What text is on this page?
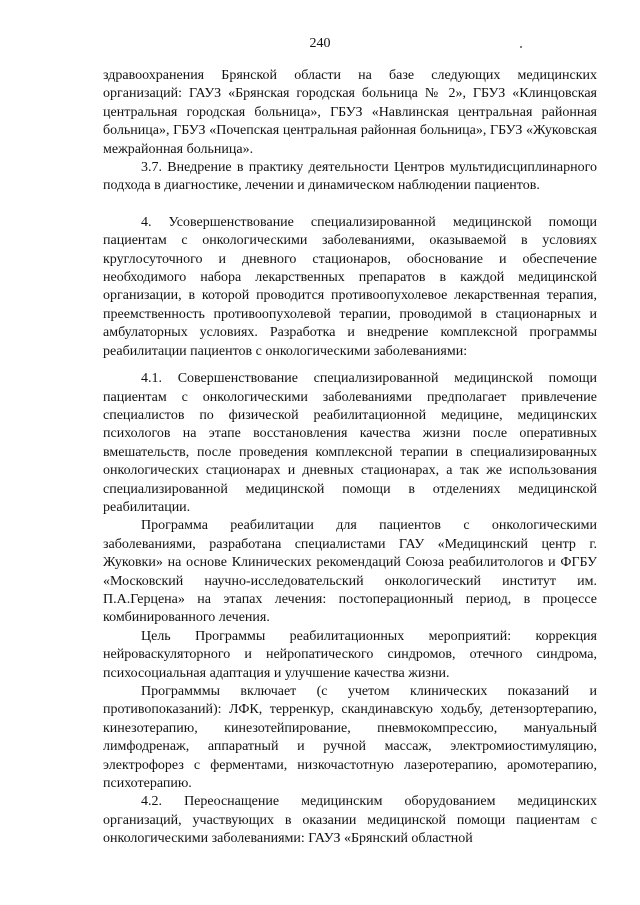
240

здравоохранения Брянской области на базе следующих медицинских организаций: ГАУЗ «Брянская городская больница № 2», ГБУЗ «Клинцовская центральная городская больница», ГБУЗ «Навлинская центральная районная больница», ГБУЗ «Почепская центральная районная больница», ГБУЗ «Жуковская межрайонная больница».

3.7. Внедрение в практику деятельности Центров мультидисциплинарного подхода в диагностике, лечении и динамическом наблюдении пациентов.

4. Усовершенствование специализированной медицинской помощи пациентам с онкологическими заболеваниями, оказываемой в условиях круглосуточного и дневного стационаров, обоснование и обеспечение необходимого набора лекарственных препаратов в каждой медицинской организации, в которой проводится противоопухолевое лекарственная терапия, преемственность противоопухолевой терапии, проводимой в стационарных и амбулаторных условиях. Разработка и внедрение комплексной программы реабилитации пациентов с онкологическими заболеваниями:

4.1. Совершенствование специализированной медицинской помощи пациентам с онкологическими заболеваниями предполагает привлечение специалистов по физической реабилитационной медицине, медицинских психологов на этапе восстановления качества жизни после оперативных вмешательств, после проведения комплексной терапии в специализированных онкологических стационарах и дневных стационарах, а так же использования специализированной медицинской помощи в отделениях медицинской реабилитации.

Программа реабилитации для пациентов с онкологическими заболеваниями, разработана специалистами ГАУ «Медицинский центр г. Жуковки» на основе Клинических рекомендаций Союза реабилитологов и ФГБУ «Московский научно-исследовательский онкологический институт им. П.А.Герцена» на этапах лечения: постоперационный период, в процессе комбинированного лечения.

Цель Программы реабилитационных мероприятий: коррекция нейроваскуляторного и нейропатического синдромов, отечного синдрома, психосоциальная адаптация и улучшение качества жизни.

Программмы включает (с учетом клинических показаний и противопоказаний): ЛФК, терренкур, скандинавскую ходьбу, детензортерапию, кинезотерапию, кинезотейпирование, пневмокомпрессию, мануальный лимфодренаж, аппаратный и ручной массаж, электромиостимуляцию, электрофорез с ферментами, низкочастотную лазеротерапию, аромотерапию, психотерапию.

4.2. Переоснащение медицинским оборудованием медицинских организаций, участвующих в оказании медицинской помощи пациентам с онкологическими заболеваниями: ГАУЗ «Брянский областной
